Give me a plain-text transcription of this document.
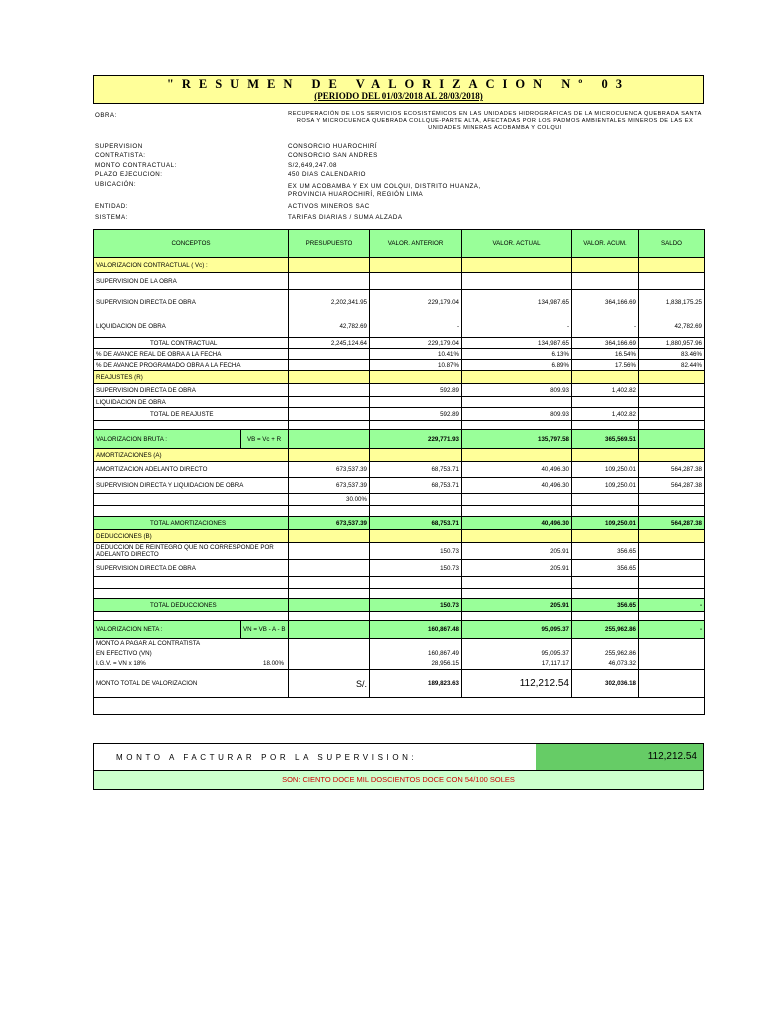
"RESUMEN DE VALORIZACION Nº 03
(PERIODO DEL 01/03/2018 AL 28/03/2018)
OBRA:	RECUPERACIÓN DE LOS SERVICIOS ECOSISTÉMICOS EN LAS UNIDADES HIDROGRÁFICAS DE LA MICROCUENCA QUEBRADA SANTA ROSA Y MICROCUENCA QUEBRADA COLLQUE-PARTE ALTA, AFECTADAS POR LOS PADMOS AMBIENTALES MINEROS DE LAS EX UNIDADES MINERAS ACOBAMBA Y COLQUI
SUPERVISION	CONSORCIO HUAROCHIRÍ
CONTRATISTA:	CONSORCIO SAN ANDRES
MONTO CONTRACTUAL:	S/2,649,247.08
PLAZO EJECUCION:	450 DIAS CALENDARIO
UBICACIÓN:	EX UM ACOBAMBA Y EX UM COLQUI, DISTRITO HUANZA, PROVINCIA HUAROCHIRÍ, REGIÓN LIMA
ENTIDAD:	ACTIVOS MINEROS SAC
SISTEMA:	TARIFAS DIARIAS / SUMA ALZADA
CONCEPTOS	PRESUPUESTO	VALOR. ANTERIOR	VALOR. ACTUAL	VALOR. ACUM.	SALDO
VALORIZACION CONTRACTUAL ( Vc) :					
SUPERVISION DE LA OBRA					
SUPERVISION DIRECTA DE OBRA	2,202,341.95	229,179.04	134,987.65	364,166.69	1,838,175.25
LIQUIDACION DE OBRA	42,782.69	-	-	-	42,782.69
TOTAL CONTRACTUAL	2,245,124.64	229,179.04	134,987.65	364,166.69	1,880,957.96
% DE AVANCE REAL DE OBRA A LA FECHA		10.41%	6.13%	16.54%	83.46%
% DE AVANCE PROGRAMADO OBRA A LA FECHA		10.87%	6.89%	17.56%	82.44%
REAJUSTES (R)					
SUPERVISION DIRECTA DE OBRA		592.89	809.93	1,402.82	
LIQUIDACION DE OBRA					
TOTAL DE REAJUSTE		592.89	809.93	1,402.82	

VALORIZACION BRUTA : VB = Vc + R		229,771.93	135,797.58	365,569.51	
AMORTIZACIONES (A)					
AMORTIZACION ADELANTO DIRECTO	673,537.39	68,753.71	40,496.30	109,250.01	564,287.38
SUPERVISION DIRECTA Y LIQUIDACION DE OBRA	673,537.39	68,753.71	40,496.30	109,250.01	564,287.38
	30.00%				

TOTAL AMORTIZACIONES	673,537.39	68,753.71	40,496.30	109,250.01	564,287.38
DEDUCCIONES (B)					
DEDUCCION DE REINTEGRO QUE NO CORRESPONDE POR ADELANTO DIRECTO		150.73	205.91	356.65	
SUPERVISION DIRECTA DE OBRA		150.73	205.91	356.65	

TOTAL DEDUCCIONES		150.73	205.91	356.65	-

VALORIZACION NETA : VN = VB - A - B		160,867.48	95,095.37	255,962.86	-
MONTO A PAGAR AL CONTRATISTA					
EN EFECTIVO (VN)		160,867.49	95,095.37	255,962.86	
I.G.V. = VN x 18% 18.00%		28,956.15	17,117.17	46,073.32	
MONTO TOTAL DE VALORIZACION	S/.	189,823.63	112,212.54	302,036.18	

MONTO A FACTURAR POR LA SUPERVISION:	112,212.54
SON: CIENTO DOCE MIL DOSCIENTOS DOCE CON 54/100 SOLES
